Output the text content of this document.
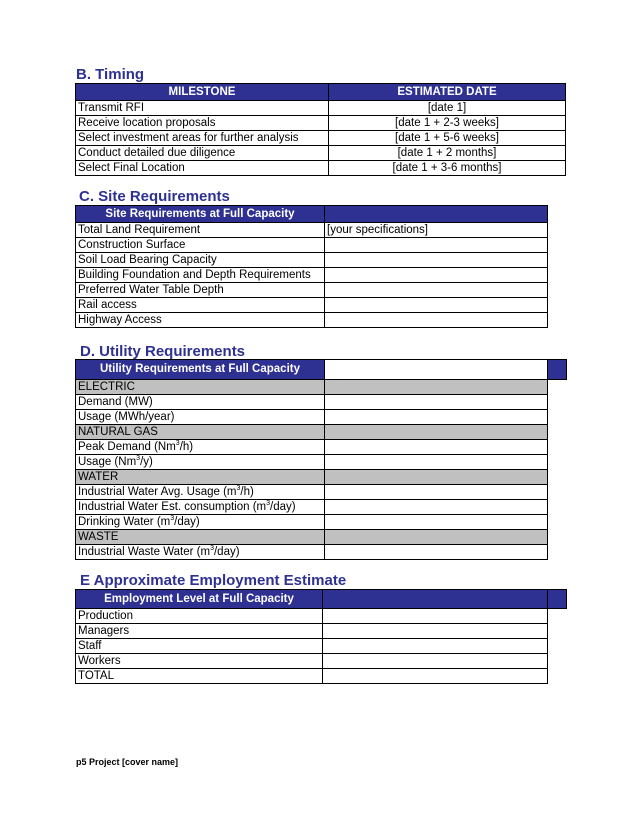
B. Timing
MILESTONE	ESTIMATED DATE
Transmit RFI	[date 1]
Receive location proposals	[date 1 + 2-3 weeks]
Select investment areas for further analysis	[date 1 + 5-6 weeks]
Conduct detailed due diligence	[date 1 + 2 months]
Select Final Location	[date 1 + 3-6 months]
C. Site Requirements
Site Requirements at Full Capacity	
Total Land Requirement	[your specifications]
Construction Surface	
Soil Load Bearing Capacity	
Building Foundation and Depth Requirements	
Preferred Water Table Depth	
Rail access	
Highway Access	
D. Utility Requirements
Utility Requirements at Full Capacity	
ELECTRIC	
Demand (MW)	
Usage (MWh/year)	
NATURAL GAS	
Peak Demand (Nm$^3$/h)	
Usage (Nm$^3$/y)	
WATER	
Industrial Water Avg. Usage $(m^3/h)$	
Industrial Water Est. consumption $(m^3/day)$	
Drinking Water $(m^3/day)$	
WASTE	
Industrial Waste Water $(m^3/day)$	
E Approximate Employment Estimate
Employment Level at Full Capacity	
Production	
Managers	
Staff	
Workers	
TOTAL	
p5 Project [cover name]
